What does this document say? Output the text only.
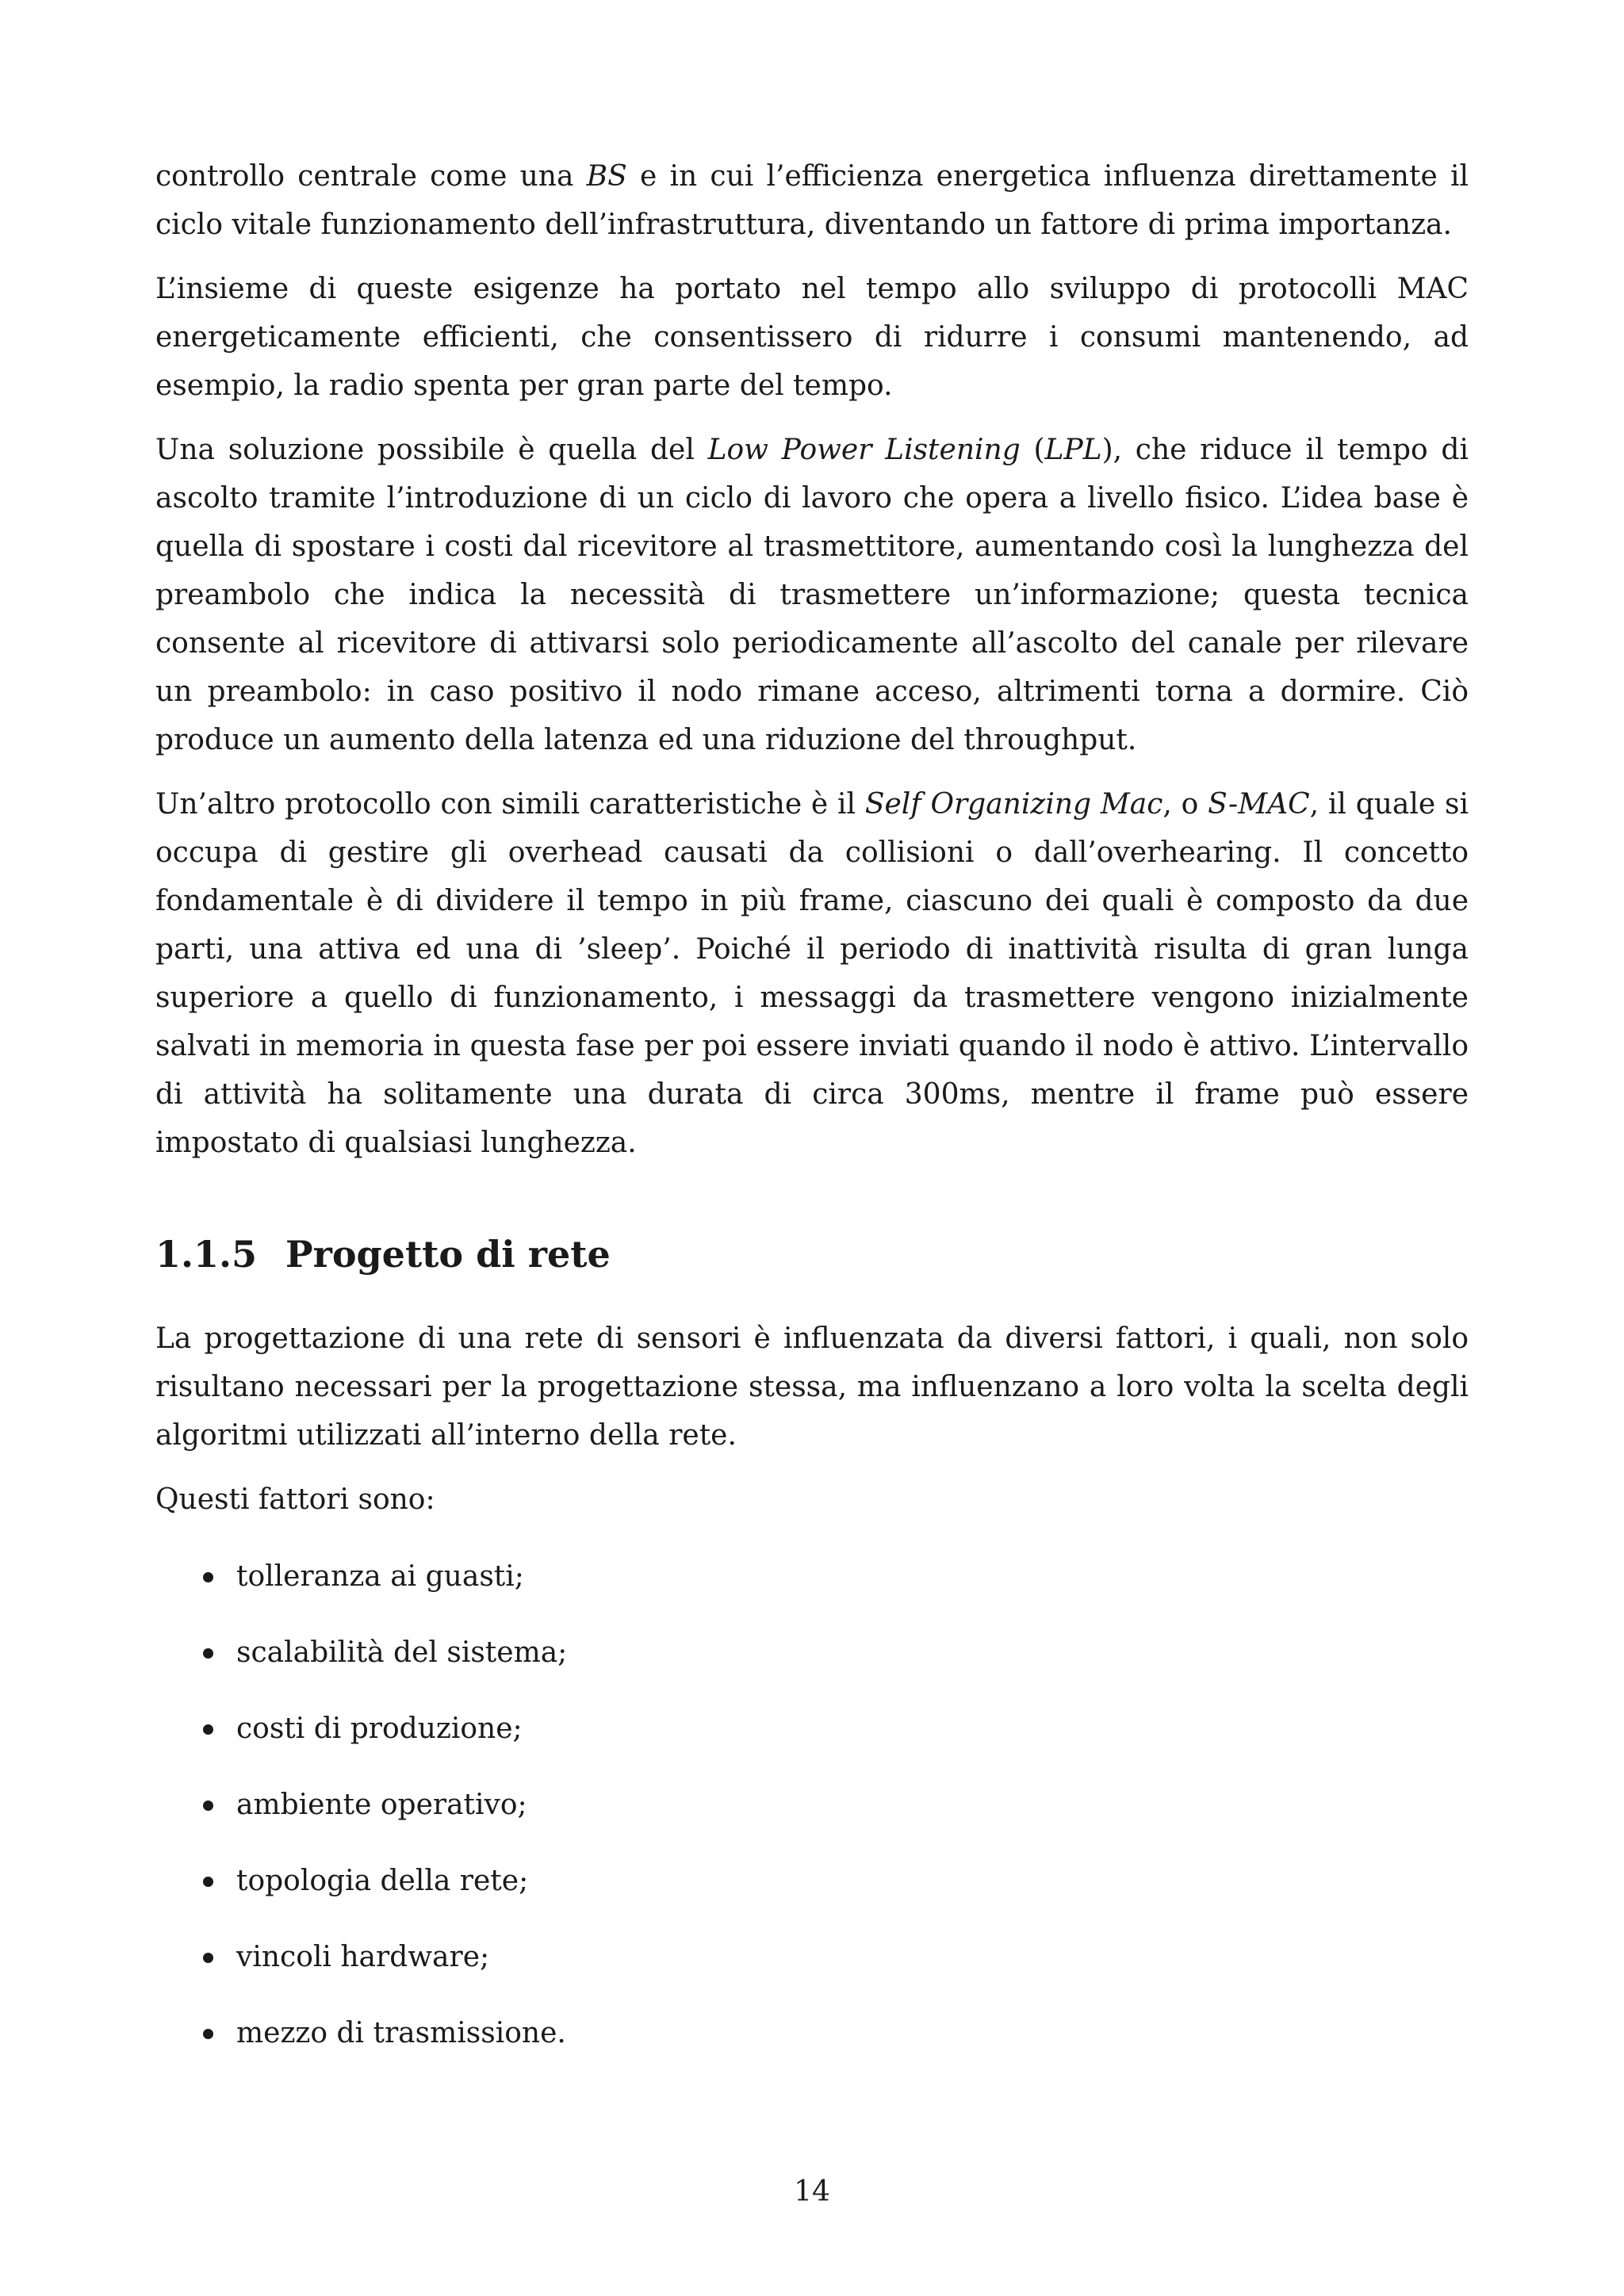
controllo centrale come una BS e in cui l’efficienza energetica influenza direttamente il ciclo vitale funzionamento dell’infrastruttura, diventando un fattore di prima importanza.

L’insieme di queste esigenze ha portato nel tempo allo sviluppo di protocolli MAC energeticamente efficienti, che consentissero di ridurre i consumi mantenendo, ad esempio, la radio spenta per gran parte del tempo.

Una soluzione possibile è quella del Low Power Listening (LPL), che riduce il tempo di ascolto tramite l’introduzione di un ciclo di lavoro che opera a livello fisico. L’idea base è quella di spostare i costi dal ricevitore al trasmettitore, aumentando così la lunghezza del preambolo che indica la necessità di trasmettere un’informazione; questa tecnica consente al ricevitore di attivarsi solo periodicamente all’ascolto del canale per rilevare un preambolo: in caso positivo il nodo rimane acceso, altrimenti torna a dormire. Ciò produce un aumento della latenza ed una riduzione del throughput.

Un’altro protocollo con simili caratteristiche è il Self Organizing Mac, o S-MAC, il quale si occupa di gestire gli overhead causati da collisioni o dall’overhearing. Il concetto fondamentale è di dividere il tempo in più frame, ciascuno dei quali è composto da due parti, una attiva ed una di ’sleep’. Poiché il periodo di inattività risulta di gran lunga superiore a quello di funzionamento, i messaggi da trasmettere vengono inizialmente salvati in memoria in questa fase per poi essere inviati quando il nodo è attivo. L’intervallo di attività ha solitamente una durata di circa 300ms, mentre il frame può essere impostato di qualsiasi lunghezza.

1.1.5 Progetto di rete

La progettazione di una rete di sensori è influenzata da diversi fattori, i quali, non solo risultano necessari per la progettazione stessa, ma influenzano a loro volta la scelta degli algoritmi utilizzati all’interno della rete.

Questi fattori sono:

tolleranza ai guasti;
scalabilità del sistema;
costi di produzione;
ambiente operativo;
topologia della rete;
vincoli hardware;
mezzo di trasmissione.
14
